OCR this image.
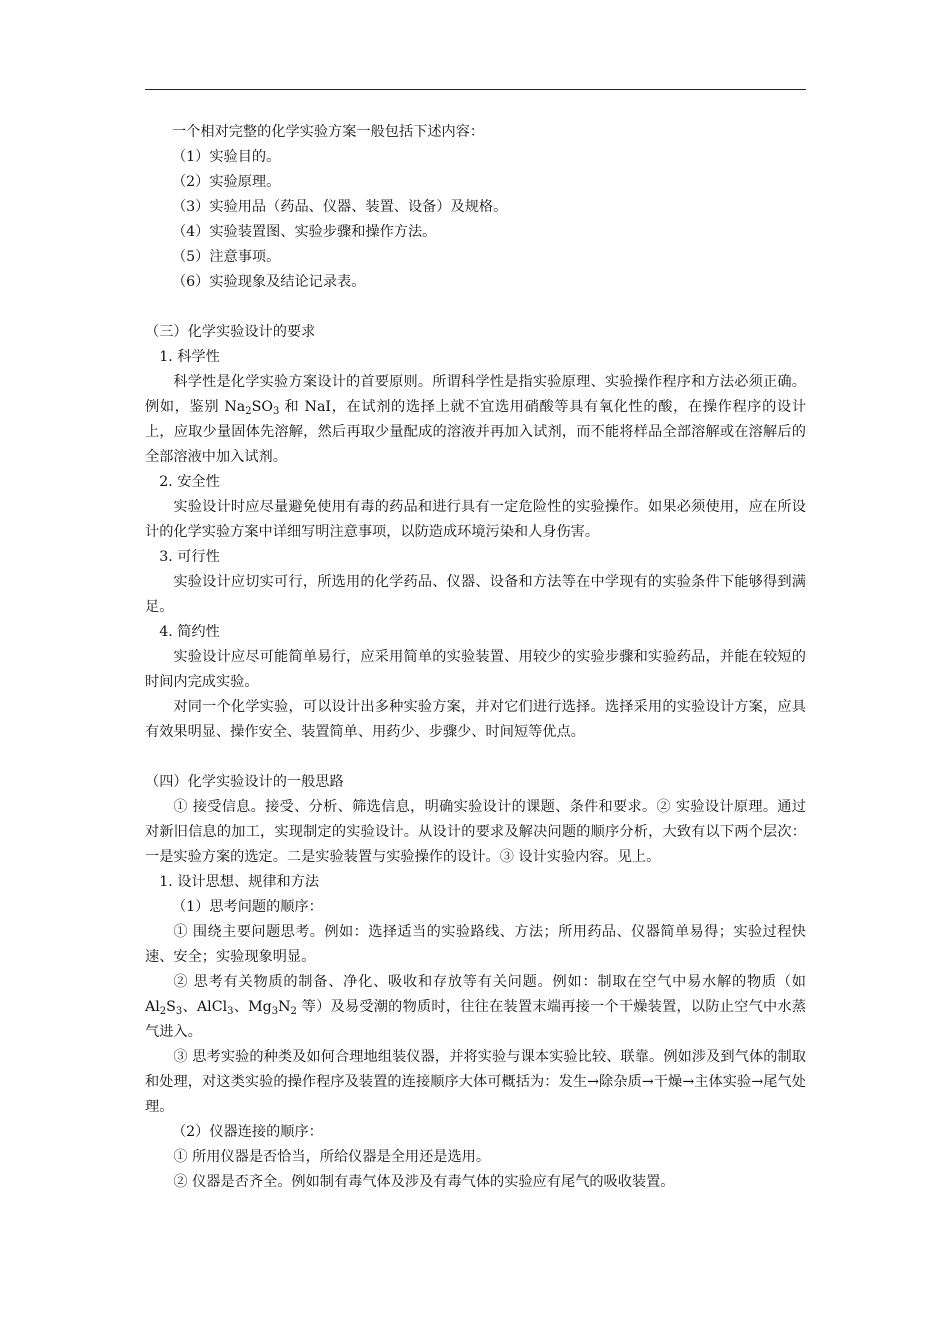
一个相对完整的化学实验方案一般包括下述内容：

（1）实验目的。

（2）实验原理。

（3）实验用品（药品、仪器、装置、设备）及规格。

（4）实验装置图、实验步骤和操作方法。

（5）注意事项。

（6）实验现象及结论记录表。

（三）化学实验设计的要求

1. 科学性

科学性是化学实验方案设计的首要原则。所谓科学性是指实验原理、实验操作程序和方法必须正确。例如，鉴别 $Na_2SO_3$ 和 NaI，在试剂的选择上就不宜选用硝酸等具有氧化性的酸，在操作程序的设计上，应取少量固体先溶解，然后再取少量配成的溶液并再加入试剂，而不能将样品全部溶解或在溶解后的全部溶液中加入试剂。

2. 安全性

实验设计时应尽量避免使用有毒的药品和进行具有一定危险性的实验操作。如果必须使用，应在所设计的化学实验方案中详细写明注意事项，以防造成环境污染和人身伤害。

3. 可行性

实验设计应切实可行，所选用的化学药品、仪器、设备和方法等在中学现有的实验条件下能够得到满足。

4. 简约性

实验设计应尽可能简单易行，应采用简单的实验装置、用较少的实验步骤和实验药品，并能在较短的时间内完成实验。

对同一个化学实验，可以设计出多种实验方案，并对它们进行选择。选择采用的实验设计方案，应具有效果明显、操作安全、装置简单、用药少、步骤少、时间短等优点。

（四）化学实验设计的一般思路

① 接受信息。接受、分析、筛选信息，明确实验设计的课题、条件和要求。② 实验设计原理。通过对新旧信息的加工，实现制定的实验设计。从设计的要求及解决问题的顺序分析，大致有以下两个层次：一是实验方案的选定。二是实验装置与实验操作的设计。③ 设计实验内容。见上。

1. 设计思想、规律和方法

（1）思考问题的顺序：

① 围绕主要问题思考。例如：选择适当的实验路线、方法；所用药品、仪器简单易得；实验过程快速、安全；实验现象明显。

② 思考有关物质的制备、净化、吸收和存放等有关问题。例如：制取在空气中易水解的物质（如 $Al_2S_3$、AlCl$_3$、$Mg_3N_2$ 等）及易受潮的物质时，往往在装置末端再接一个干燥装置，以防止空气中水蒸气进入。

③ 思考实验的种类及如何合理地组装仪器，并将实验与课本实验比较、联靠。例如涉及到气体的制取和处理，对这类实验的操作程序及装置的连接顺序大体可概括为：发生→除杂质→干燥→主体实验→尾气处理。

（2）仪器连接的顺序：

① 所用仪器是否恰当，所给仪器是全用还是选用。

② 仪器是否齐全。例如制有毒气体及涉及有毒气体的实验应有尾气的吸收装置。
